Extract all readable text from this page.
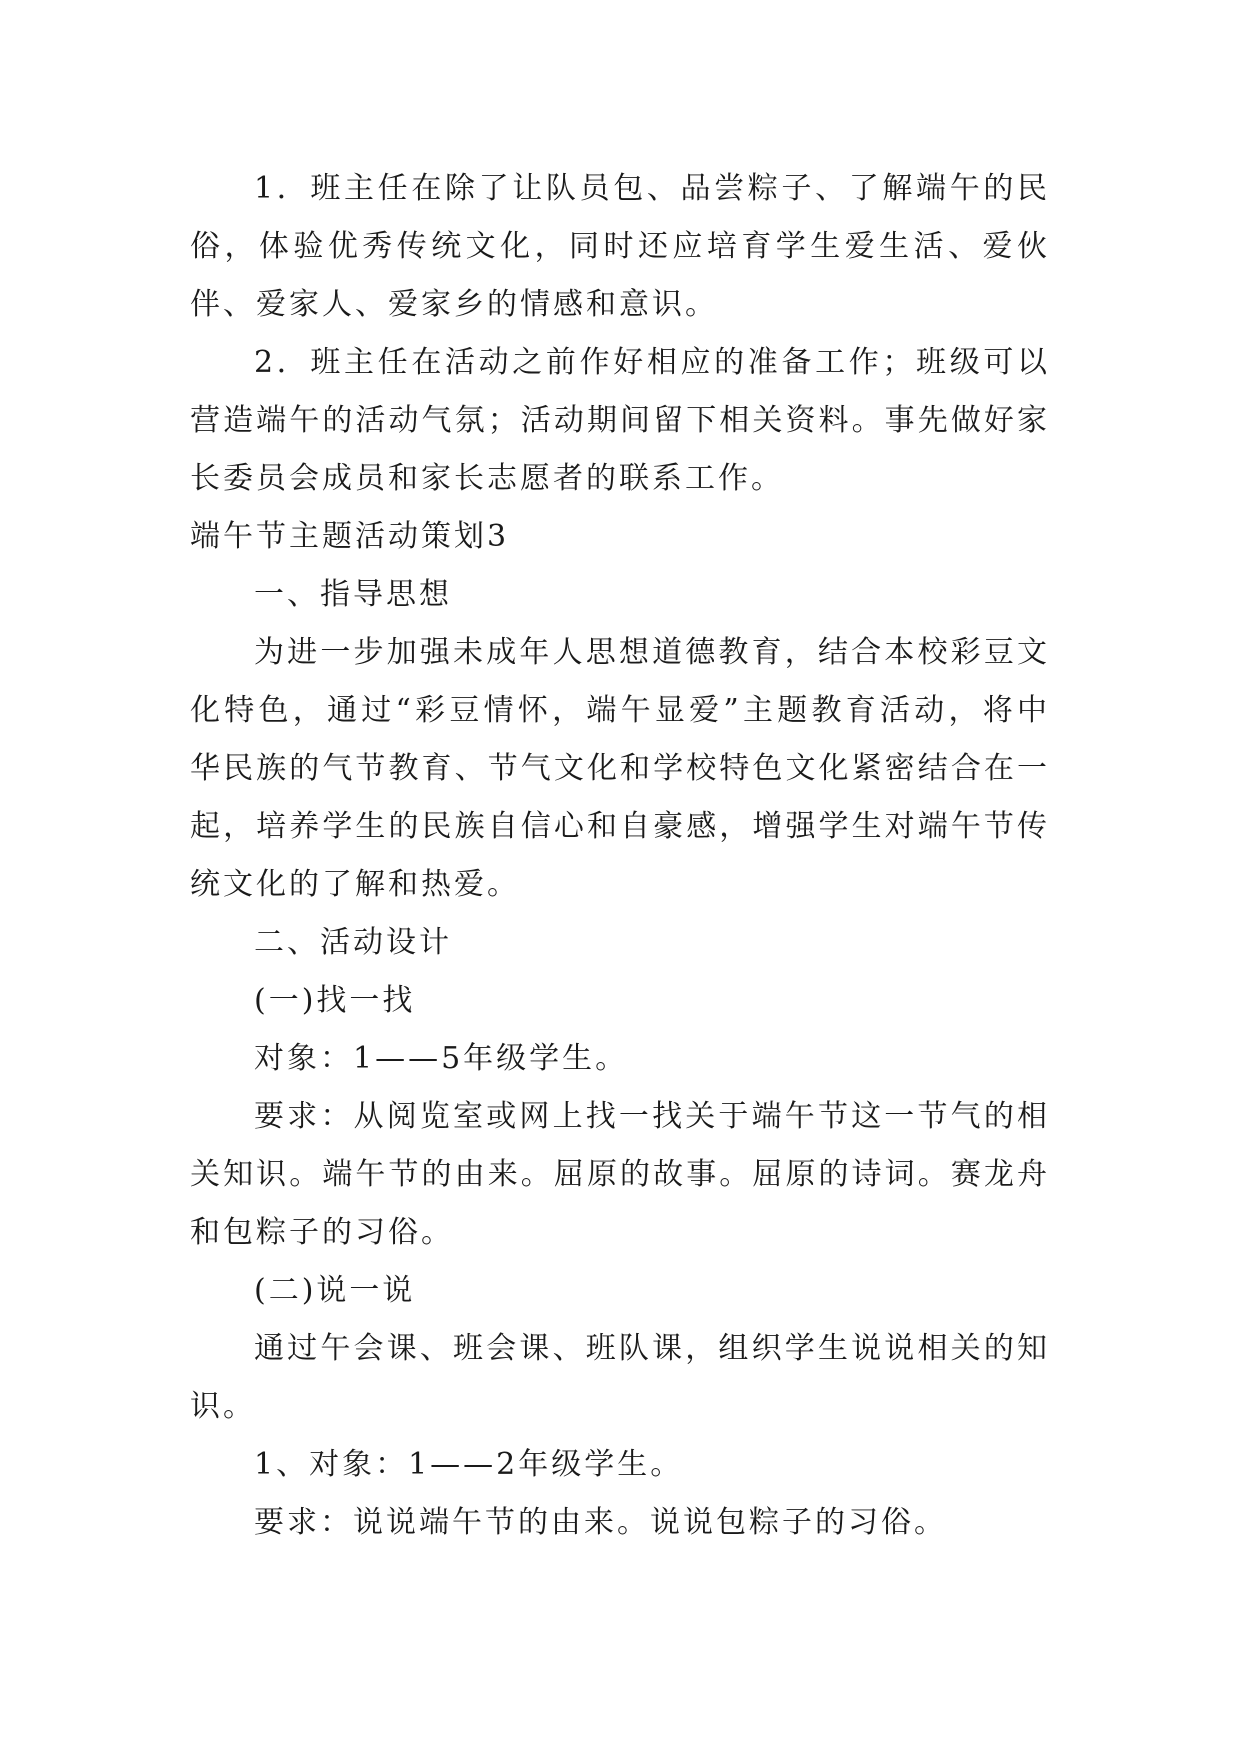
1．班主任在除了让队员包、品尝粽子、了解端午的民俗，体验优秀传统文化，同时还应培育学生爱生活、爱伙伴、爱家人、爱家乡的情感和意识。

2．班主任在活动之前作好相应的准备工作；班级可以营造端午的活动气氛；活动期间留下相关资料。事先做好家长委员会成员和家长志愿者的联系工作。

端午节主题活动策划3

一、指导思想

为进一步加强未成年人思想道德教育，结合本校彩豆文化特色，通过“彩豆情怀，端午显爱”主题教育活动，将中华民族的气节教育、节气文化和学校特色文化紧密结合在一起，培养学生的民族自信心和自豪感，增强学生对端午节传统文化的了解和热爱。

二、活动设计

(一)找一找

对象：1——5年级学生。

要求：从阅览室或网上找一找关于端午节这一节气的相关知识。端午节的由来。屈原的故事。屈原的诗词。赛龙舟和包粽子的习俗。

(二)说一说

通过午会课、班会课、班队课，组织学生说说相关的知识。

1、对象：1——2年级学生。

要求：说说端午节的由来。说说包粽子的习俗。
